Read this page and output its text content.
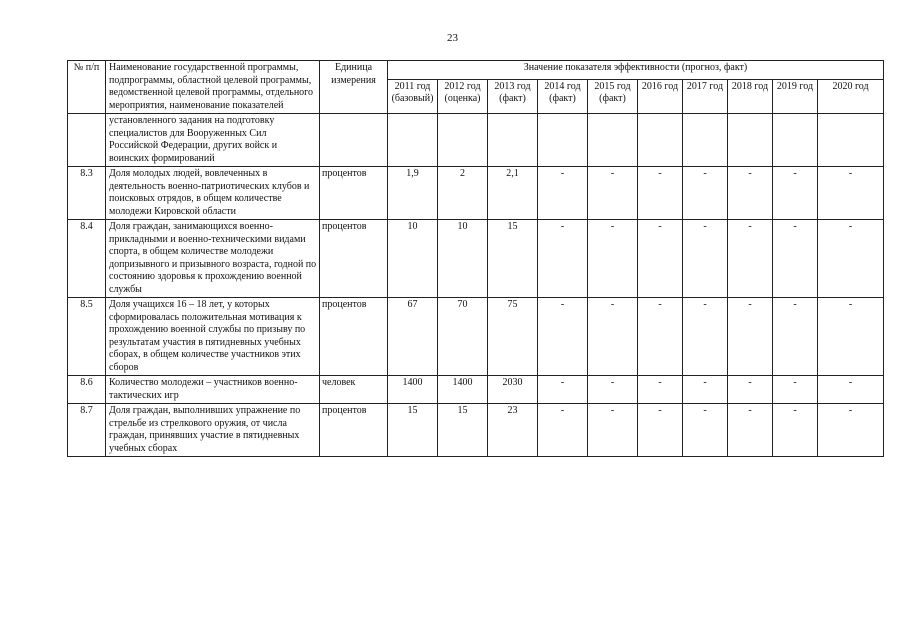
23
№ п/п	Наименование государственной программы, подпрограммы, областной целевой программы, ведомственной целевой программы, отдельного мероприятия, наименование показателей	Единица измерения	Значение показателя эффективности (прогноз, факт)									
			2011 год (базовый)	2012 год (оценка)	2013 год (факт)	2014 год (факт)	2015 год (факт)	2016 год	2017 год	2018 год	2019 год	2020 год
	установленного задания на подготовку специалистов для Вооруженных Сил Российской Федерации, других войск и воинских формирований											
8.3	Доля молодых людей, вовлеченных в деятельность военно-патриотических клубов и поисковых отрядов, в общем количестве молодежи Кировской области	процентов	1,9	2	2,1	-	-	-	-	-	-	-
8.4	Доля граждан, занимающихся военно-прикладными и военно-техническими видами спорта, в общем количестве молодежи допризывного и призывного возраста, годной по состоянию здоровья к прохождению военной службы	процентов	10	10	15	-	-	-	-	-	-	-
8.5	Доля учащихся 16 – 18 лет, у которых сформировалась положительная мотивация к прохождению военной службы по призыву по результатам участия в пятидневных учебных сборах, в общем количестве участников этих сборов	процентов	67	70	75	-	-	-	-	-	-	-
8.6	Количество молодежи – участников военно-тактических игр	человек	1400	1400	2030	-	-	-	-	-	-	-
8.7	Доля граждан, выполнивших упражнение по стрельбе из стрелкового оружия, от числа граждан, принявших участие в пятидневных учебных сборах	процентов	15	15	23	-	-	-	-	-	-	-
